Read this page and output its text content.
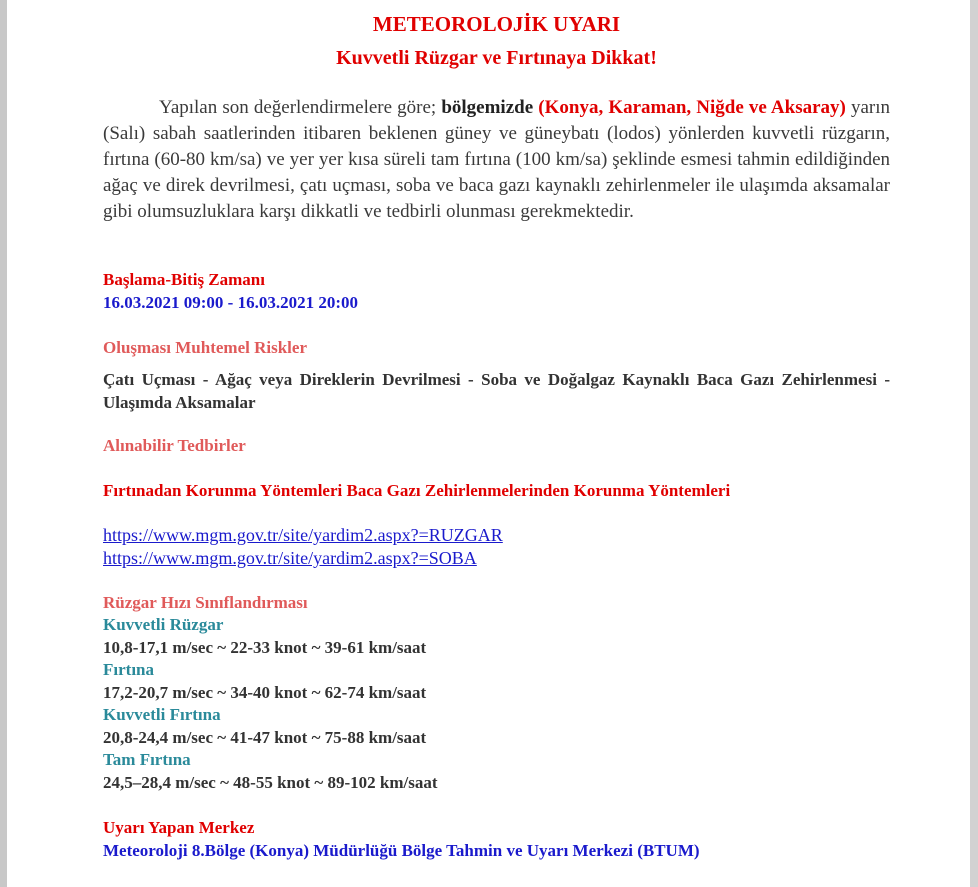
METEOROLOJİK UYARI
Kuvvetli Rüzgar ve Fırtınaya Dikkat!

Yapılan son değerlendirmelere göre; bölgemizde (Konya, Karaman, Niğde ve Aksaray) yarın (Salı) sabah saatlerinden itibaren beklenen güney ve güneybatı (lodos) yönlerden kuvvetli rüzgarın, fırtına (60-80 km/sa) ve yer yer kısa süreli tam fırtına (100 km/sa) şeklinde esmesi tahmin edildiğinden ağaç ve direk devrilmesi, çatı uçması, soba ve baca gazı kaynaklı zehirlenmeler ile ulaşımda aksamalar gibi olumsuzluklara karşı dikkatli ve tedbirli olunması gerekmektedir.

Başlama-Bitiş Zamanı

16.03.2021 09:00 - 16.03.2021 20:00

Oluşması Muhtemel Riskler

Çatı Uçması - Ağaç veya Direklerin Devrilmesi - Soba ve Doğalgaz Kaynaklı Baca Gazı Zehirlenmesi - Ulaşımda Aksamalar

Alınabilir Tedbirler

Fırtınadan Korunma Yöntemleri Baca Gazı Zehirlenmelerinden Korunma Yöntemleri

https://www.mgm.gov.tr/site/yardim2.aspx?=RUZGAR
https://www.mgm.gov.tr/site/yardim2.aspx?=SOBA

Rüzgar Hızı Sınıflandırması

Kuvvetli Rüzgar

10,8-17,1 m/sec ~ 22-33 knot ~ 39-61 km/saat

Fırtına

17,2-20,7 m/sec ~ 34-40 knot ~ 62-74 km/saat

Kuvvetli Fırtına

20,8-24,4 m/sec ~ 41-47 knot ~ 75-88 km/saat

Tam Fırtına

24,5–28,4 m/sec ~ 48-55 knot ~ 89-102 km/saat

Uyarı Yapan Merkez

Meteoroloji 8.Bölge (Konya) Müdürlüğü Bölge Tahmin ve Uyarı Merkezi (BTUM)
